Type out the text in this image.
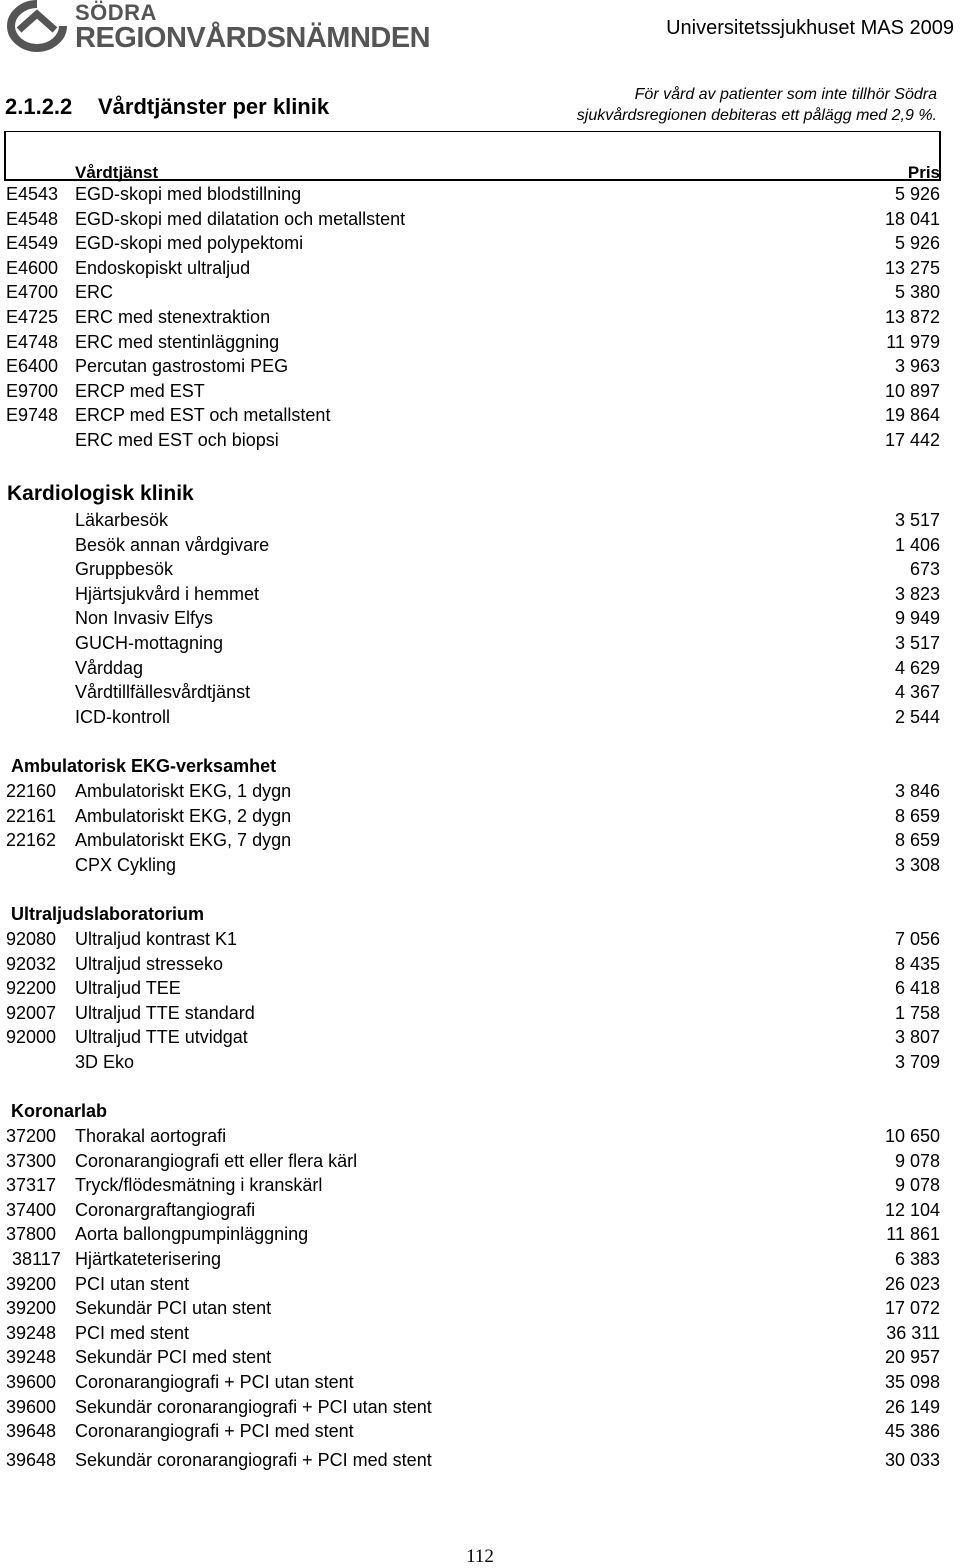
SÖDRA
REGIONVÅRDSNÄMNDEN	Universitetssjukhuset MAS 2009
2.1.2.2 Vårdtjänster per klinik	För vård av patienter som inte tillhör Södra
sjukvårdsregionen debiteras ett pålägg med 2,9 %.
Vårdtjänst	Pris
E4543 EGD-skopi med blodstillning	5 926
E4548 EGD-skopi med dilatation och metallstent	18 041
E4549 EGD-skopi med polypektomi	5 926
E4600 Endoskopiskt ultraljud	13 275
E4700 ERC	5 380
E4725 ERC med stenextraktion	13 872
E4748 ERC med stentinläggning	11 979
E6400 Percutan gastrostomi PEG	3 963
E9700 ERCP med EST	10 897
E9748 ERCP med EST och metallstent	19 864
ERC med EST och biopsi	17 442
Kardiologisk klinik
Läkarbesök	3 517
Besök annan vårdgivare	1 406
Gruppbesök	673
Hjärtsjukvård i hemmet	3 823
Non Invasiv Elfys	9 949
GUCH-mottagning	3 517
Vårddag	4 629
Vårdtillfällesvårdtjänst	4 367
ICD-kontroll	2 544
Ambulatorisk EKG-verksamhet
22160 Ambulatoriskt EKG, 1 dygn	3 846
22161 Ambulatoriskt EKG, 2 dygn	8 659
22162 Ambulatoriskt EKG, 7 dygn	8 659
CPX Cykling	3 308
Ultraljudslaboratorium
92080 Ultraljud kontrast K1	7 056
92032 Ultraljud stresseko	8 435
92200 Ultraljud TEE	6 418
92007 Ultraljud TTE standard	1 758
92000 Ultraljud TTE utvidgat	3 807
3D Eko	3 709
Koronarlab
37200 Thorakal aortografi	10 650
37300 Coronarangiografi ett eller flera kärl	9 078
37317 Tryck/flödesmätning i kranskärl	9 078
37400 Coronargraftangiografi	12 104
37800 Aorta ballongpumpinläggning	11 861
38117 Hjärtkateterisering	6 383
39200 PCI utan stent	26 023
39200 Sekundär PCI utan stent	17 072
39248 PCI med stent	36 311
39248 Sekundär PCI med stent	20 957
39600 Coronarangiografi + PCI utan stent	35 098
39600 Sekundär coronarangiografi + PCI utan stent	26 149
39648 Coronarangiografi + PCI med stent	45 386
39648 Sekundär coronarangiografi + PCI med stent	30 033
112
